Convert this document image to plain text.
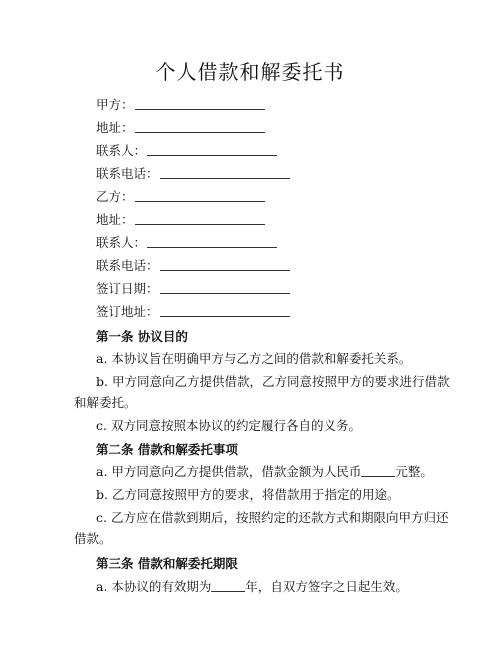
个人借款和解委托书
甲方：
地址：
联系人：
联系电话：
乙方：
地址：
联系人：
联系电话：
签订日期：
签订地址：
第一条 协议目的
a. 本协议旨在明确甲方与乙方之间的借款和解委托关系。
b. 甲方同意向乙方提供借款，乙方同意按照甲方的要求进行借款
和解委托。
c. 双方同意按照本协议的约定履行各自的义务。
第二条 借款和解委托事项
a. 甲方同意向乙方提供借款，借款金额为人民币	元整。
b. 乙方同意按照甲方的要求，将借款用于指定的用途。
c. 乙方应在借款到期后，按照约定的还款方式和期限向甲方归还
借款。
第三条 借款和解委托期限
a. 本协议的有效期为	年，自双方签字之日起生效。
